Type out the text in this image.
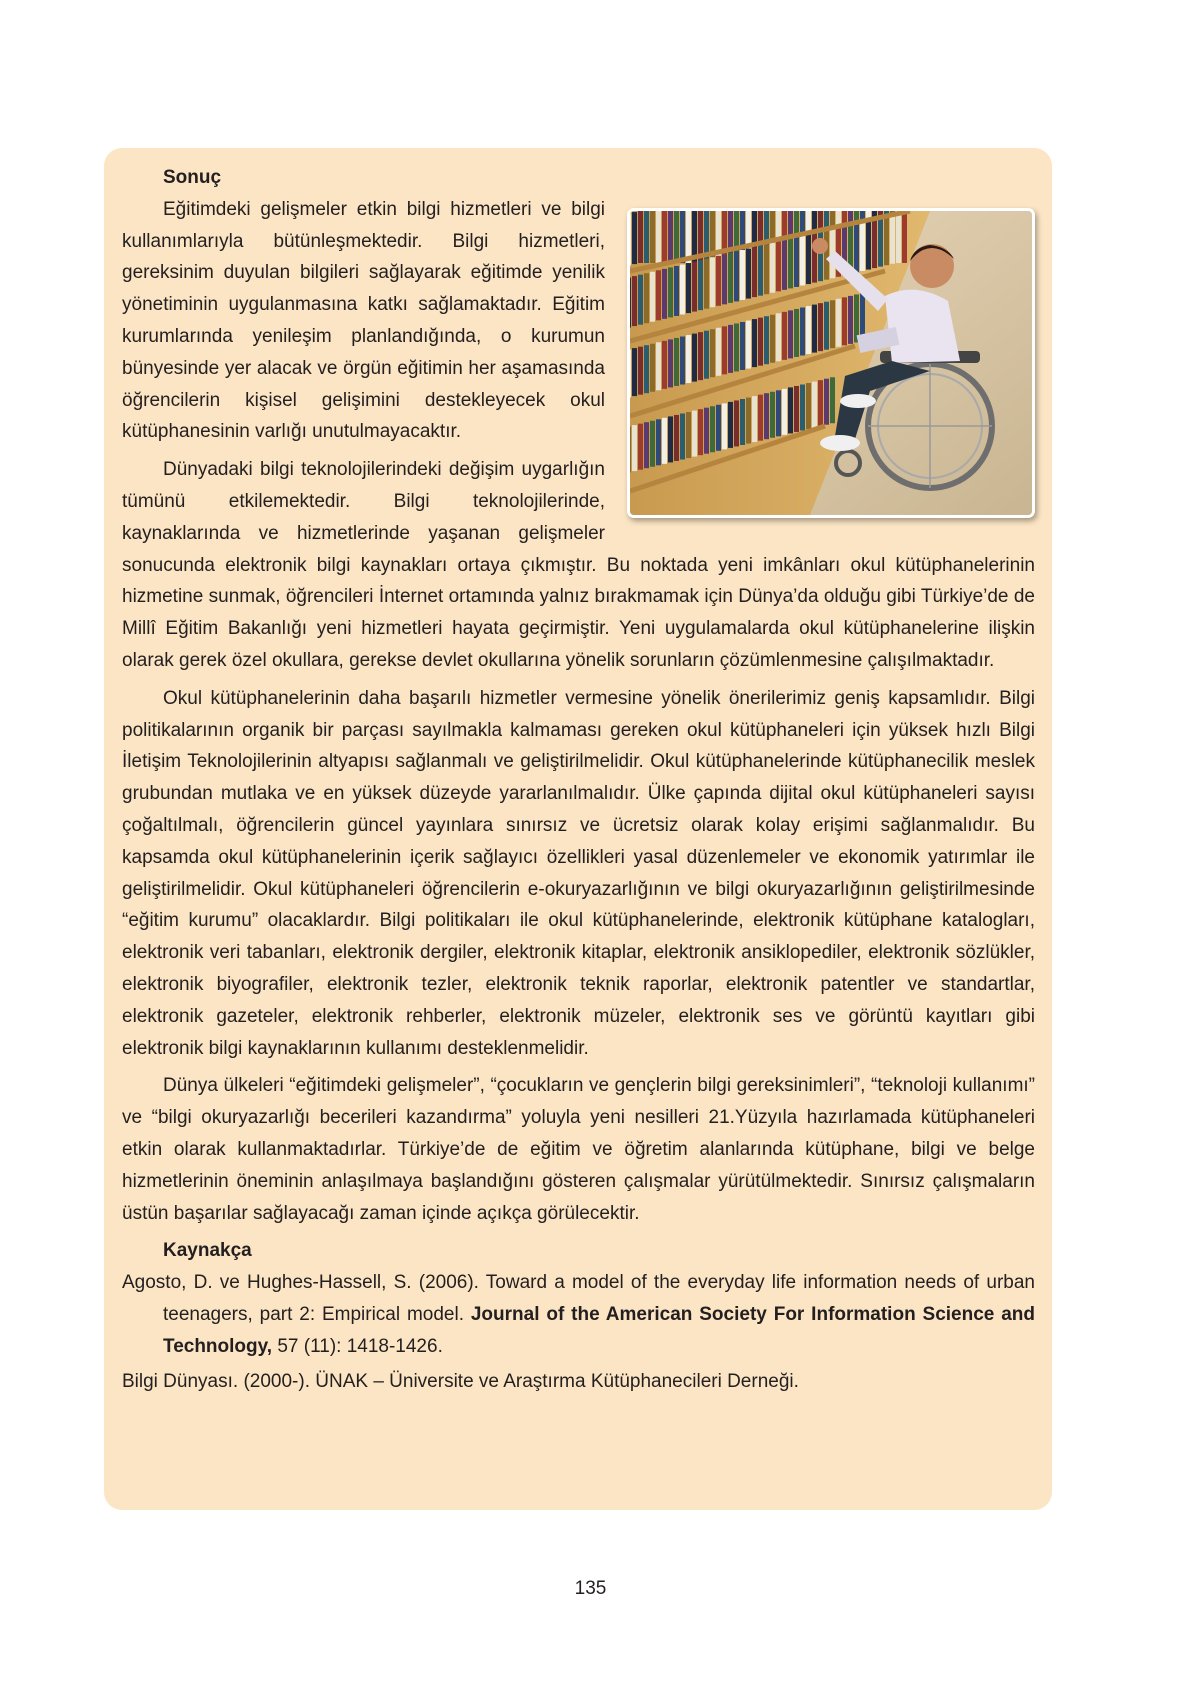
Sonuç

Eğitimdeki gelişmeler etkin bilgi hizmetleri ve bilgi kullanımlarıyla bütünleşmektedir. Bilgi hizmetleri, gereksinim duyulan bilgileri sağlayarak eğitimde yenilik yönetiminin uygulanmasına katkı sağlamaktadır. Eğitim kurumlarında yenileşim planlandığında, o kurumun bünyesinde yer alacak ve örgün eğitimin her aşamasında öğrencilerin kişisel gelişimini destekleyecek okul kütüphanesinin varlığı unutulmayacaktır.

Dünyadaki bilgi teknolojilerindeki değişim uygarlığın tümünü etkilemektedir. Bilgi teknolojilerinde, kaynaklarında ve hizmetlerinde yaşanan gelişmeler sonucunda elektronik bilgi kaynakları ortaya çıkmıştır. Bu noktada yeni imkânları okul kütüphanelerinin hizmetine sunmak, öğrencileri İnternet ortamında yalnız bırakmamak için Dünya’da olduğu gibi Türkiye’de de Millî Eğitim Bakanlığı yeni hizmetleri hayata geçirmiştir. Yeni uygulamalarda okul kütüphanelerine ilişkin olarak gerek özel okullara, gerekse devlet okullarına yönelik sorunların çözümlenmesine çalışılmaktadır.

Okul kütüphanelerinin daha başarılı hizmetler vermesine yönelik önerilerimiz geniş kapsamlıdır. Bilgi politikalarının organik bir parçası sayılmakla kalmaması gereken okul kütüphaneleri için yüksek hızlı Bilgi İletişim Teknolojilerinin altyapısı sağlanmalı ve geliştirilmelidir. Okul kütüphanelerinde kütüphanecilik meslek grubundan mutlaka ve en yüksek düzeyde yararlanılmalıdır. Ülke çapında dijital okul kütüphaneleri sayısı çoğaltılmalı, öğrencilerin güncel yayınlara sınırsız ve ücretsiz olarak kolay erişimi sağlanmalıdır. Bu kapsamda okul kütüphanelerinin içerik sağlayıcı özellikleri yasal düzenlemeler ve ekonomik yatırımlar ile geliştirilmelidir. Okul kütüphaneleri öğrencilerin e-okuryazarlığının ve bilgi okuryazarlığının geliştirilmesinde “eğitim kurumu” olacaklardır. Bilgi politikaları ile okul kütüphanelerinde, elektronik kütüphane katalogları, elektronik veri tabanları, elektronik dergiler, elektronik kitaplar, elektronik ansiklopediler, elektronik sözlükler, elektronik biyografiler, elektronik tezler, elektronik teknik raporlar, elektronik patentler ve standartlar, elektronik gazeteler, elektronik rehberler, elektronik müzeler, elektronik ses ve görüntü kayıtları gibi elektronik bilgi kaynaklarının kullanımı desteklenmelidir.

Dünya ülkeleri “eğitimdeki gelişmeler”, “çocukların ve gençlerin bilgi gereksinimleri”, “teknoloji kullanımı” ve “bilgi okuryazarlığı becerileri kazandırma” yoluyla yeni nesilleri 21.Yüzyıla hazırlamada kütüphaneleri etkin olarak kullanmaktadırlar. Türkiye’de de eğitim ve öğretim alanlarında kütüphane, bilgi ve belge hizmetlerinin öneminin anlaşılmaya başlandığını gösteren çalışmalar yürütülmektedir. Sınırsız çalışmaların üstün başarılar sağlayacağı zaman içinde açıkça görülecektir.

Kaynakça
Agosto, D. ve Hughes-Hassell, S. (2006). Toward a model of the everyday life information needs of urban teenagers, part 2: Empirical model. Journal of the American Society For Information Science and Technology, 57 (11): 1418-1426.
Bilgi Dünyası. (2000-). ÜNAK – Üniversite ve Araştırma Kütüphanecileri Derneği.
135
